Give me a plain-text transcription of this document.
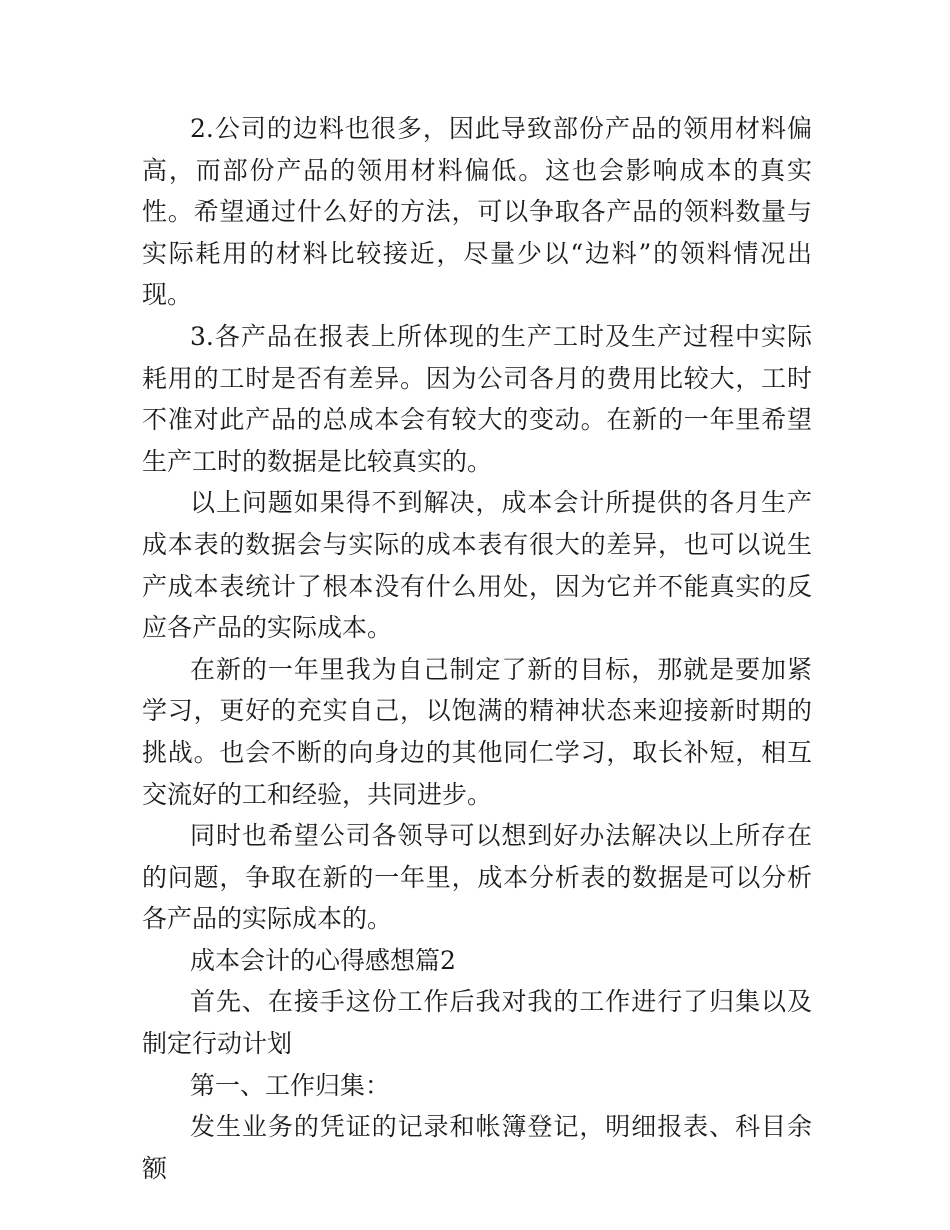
2.公司的边料也很多，因此导致部份产品的领用材料偏高，而部份产品的领用材料偏低。这也会影响成本的真实性。希望通过什么好的方法，可以争取各产品的领料数量与实际耗用的材料比较接近，尽量少以“边料”的领料情况出现。

3.各产品在报表上所体现的生产工时及生产过程中实际耗用的工时是否有差异。因为公司各月的费用比较大，工时不准对此产品的总成本会有较大的变动。在新的一年里希望生产工时的数据是比较真实的。

以上问题如果得不到解决，成本会计所提供的各月生产成本表的数据会与实际的成本表有很大的差异，也可以说生产成本表统计了根本没有什么用处，因为它并不能真实的反应各产品的实际成本。

在新的一年里我为自己制定了新的目标，那就是要加紧学习，更好的充实自己，以饱满的精神状态来迎接新时期的挑战。也会不断的向身边的其他同仁学习，取长补短，相互交流好的工和经验，共同进步。

同时也希望公司各领导可以想到好办法解决以上所存在的问题，争取在新的一年里，成本分析表的数据是可以分析各产品的实际成本的。

成本会计的心得感想篇2

首先、在接手这份工作后我对我的工作进行了归集以及制定行动计划

第一、工作归集：

发生业务的凭证的记录和帐簿登记，明细报表、科目余额
